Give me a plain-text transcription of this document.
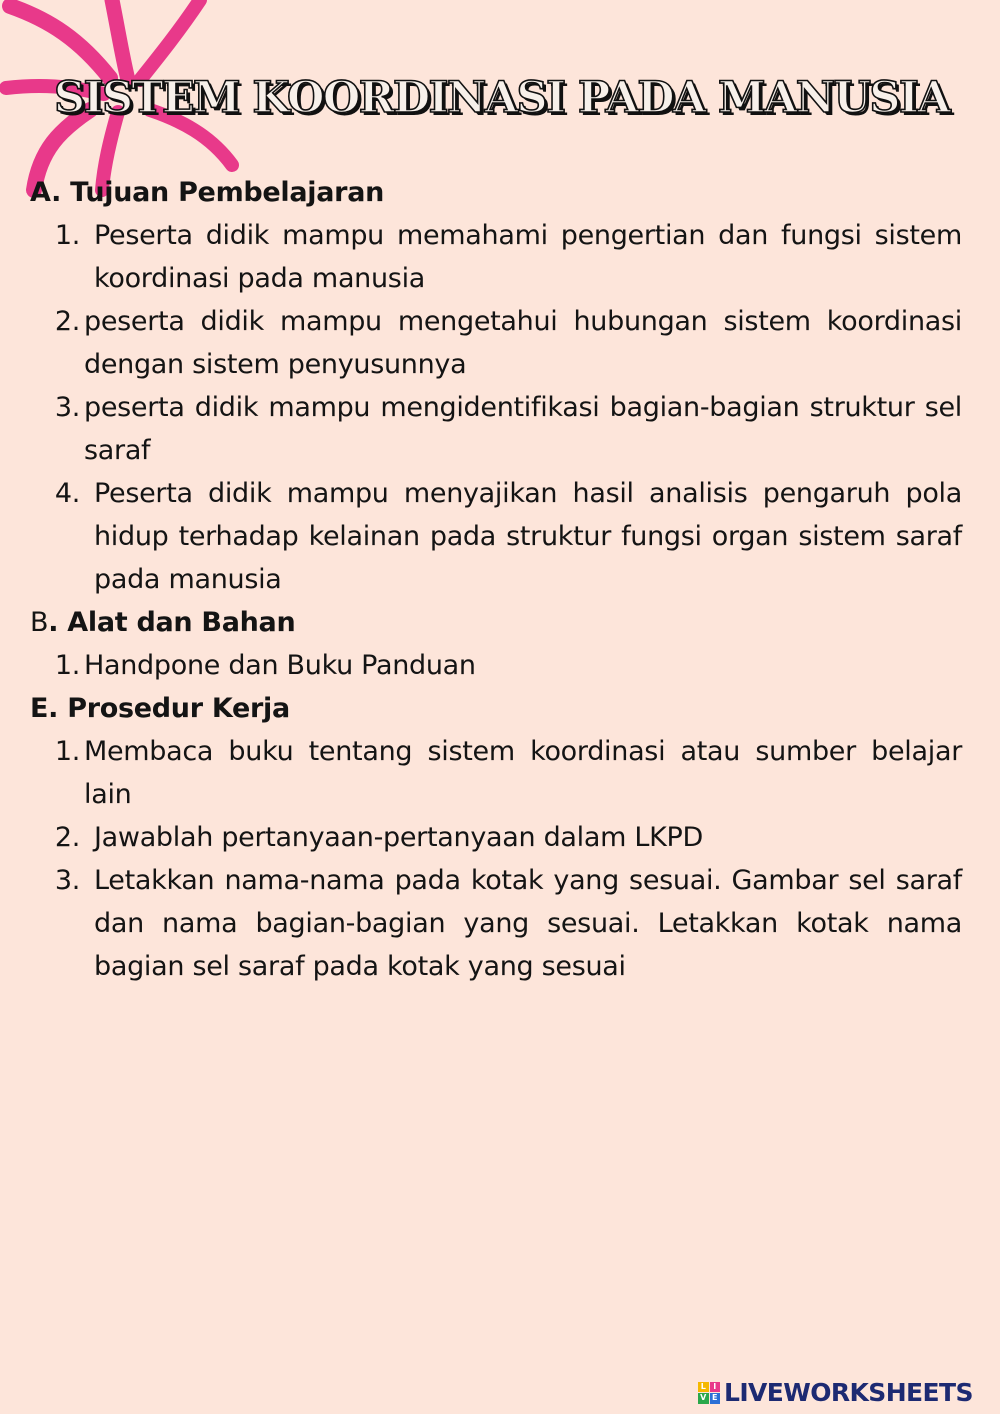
SISTEM KOORDINASI PADA MANUSIA

A. Tujuan Pembelajaran

1. Peserta didik mampu memahami pengertian dan fungsi sistem koordinasi pada manusia
2. peserta didik mampu mengetahui hubungan sistem koordinasi dengan sistem penyusunnya
3. peserta didik mampu mengidentifikasi bagian-bagian struktur sel saraf
4. Peserta didik mampu menyajikan hasil analisis pengaruh pola hidup terhadap kelainan pada struktur fungsi organ sistem saraf pada manusia

B. Alat dan Bahan

1. Handpone dan Buku Panduan

E. Prosedur Kerja

1. Membaca buku tentang sistem koordinasi atau sumber belajar lain
2. Jawablah pertanyaan-pertanyaan dalam LKPD
3. Letakkan nama-nama pada kotak yang sesuai. Gambar sel saraf dan nama bagian-bagian yang sesuai. Letakkan kotak nama bagian sel saraf pada kotak yang sesuai
L I
V E LIVEWORKSHEETS
